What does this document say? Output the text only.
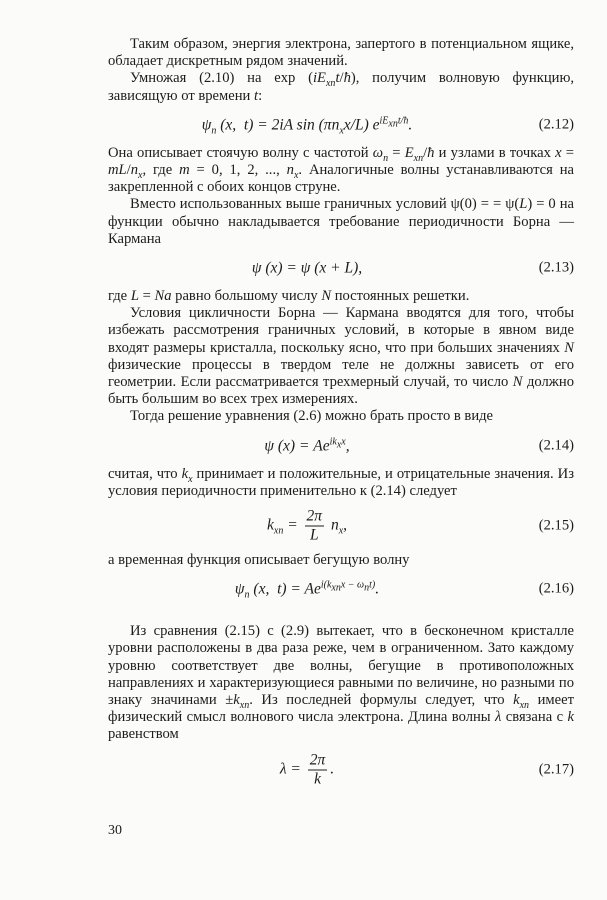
Таким образом, энергия электрона, запертого в потенциальном ящике, обладает дискретным рядом значений.

Умножая (2.10) на $\exp (iE_{xn}t/ħ)$, получим волновую функцию, зависящую от времени t:

$\psi_n$ (x,  t) = 2iA $\sin (\pi n_xx/L)$ $e^{iE_{xn}t/ħ}$.	(2.12)

Она описывает стоячую волну с частотой $\omega_n$ = $E_{xn}/ħ$ и узлами в точках $x = mL/n_x$, где m = 0, 1, 2, ..., $n_x$. Аналогичные волны устанавливаются на закрепленной с обоих концов струне.

Вместо использованных выше граничных условий ψ(0) = = ψ(L) = 0 на функции обычно накладывается требование периодичности Борна — Кармана

ψ (x) = ψ (x + L),	(2.13)

где L = Na равно большому числу N постоянных решетки.

Условия цикличности Борна — Кармана вводятся для того, чтобы избежать рассмотрения граничных условий, в которые в явном виде входят размеры кристалла, поскольку ясно, что при больших значениях N физические процессы в твердом теле не должны зависеть от его геометрии. Если рассматривается трехмерный случай, то число N должно быть большим во всех трех измерениях.

Тогда решение уравнения (2.6) можно брать просто в виде

ψ $(x) = Ae^{ik_xx}$,	(2.14)

считая, что $k_x$ принимает и положительные, и отрицательные значения. Из условия периодичности применительно к (2.14) следует

$k_{xn} = \frac{2\pi}{L} n_x$,	(2.15)

а временная функция описывает бегущую волну

$\psi_n$ (x,  $t) = Ae^{i(k_{xn}x - \omega_nt)}$.	(2.16)

Из сравнения (2.15) с (2.9) вытекает, что в бесконечном кристалле уровни расположены в два раза реже, чем в ограниченном. Зато каждому уровню соответствует две волны, бегущие в противоположных направлениях и характеризующиеся равными по величине, но разными по знаку значинами $\pm k_{xn}$. Из последней формулы следует, что $k_{xn}$ имеет физический смысл волнового числа электрона. Длина волны λ связана с k равенством

$\lambda = \frac{2\pi}{k}$ .	(2.17)
30
